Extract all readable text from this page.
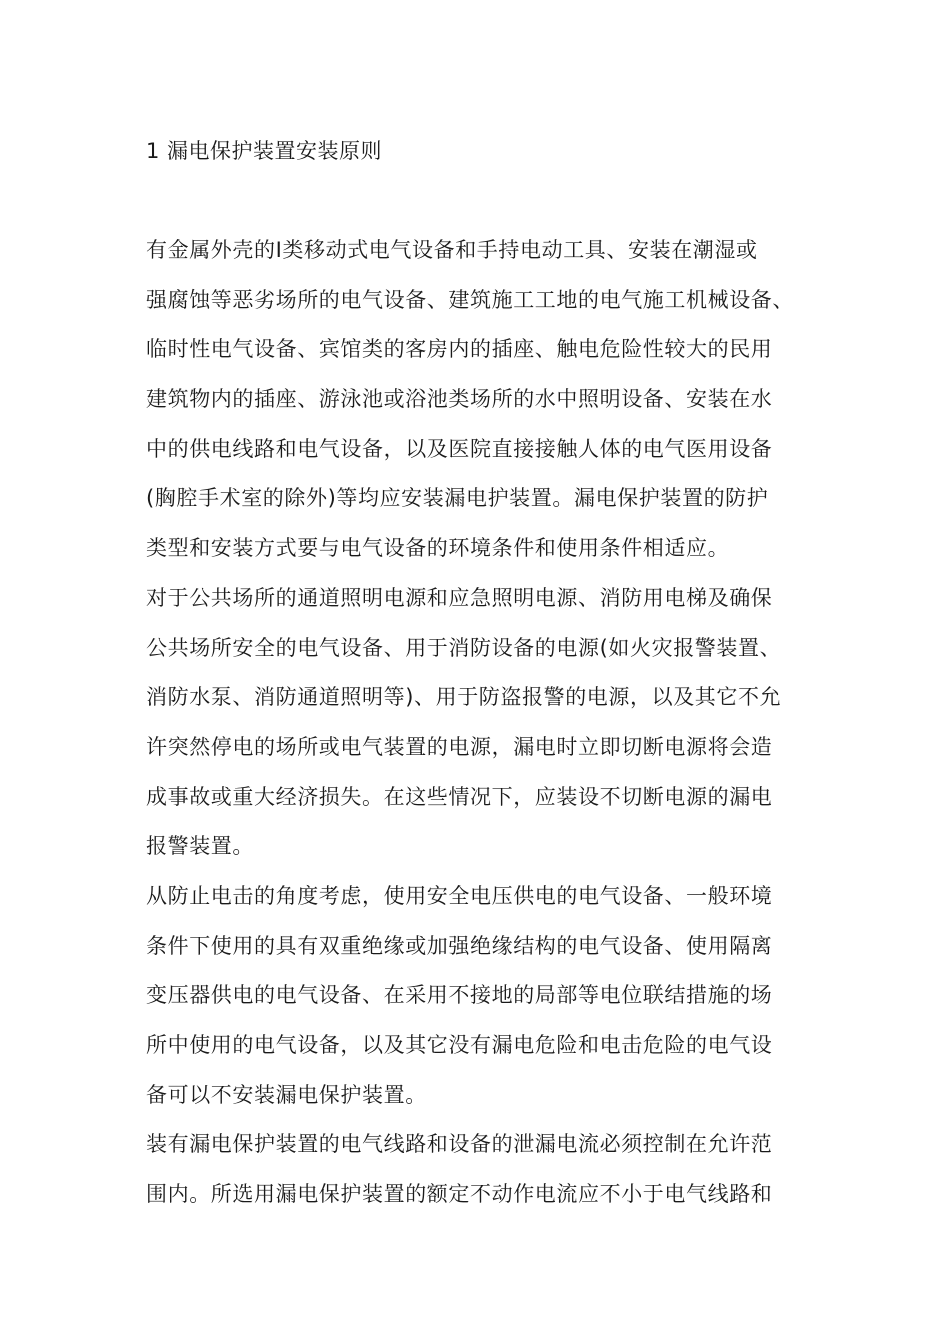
1 漏电保护装置安装原则
有金属外壳的Ⅰ类移动式电气设备和手持电动工具、安装在潮湿或
强腐蚀等恶劣场所的电气设备、建筑施工工地的电气施工机械设备、
临时性电气设备、宾馆类的客房内的插座、触电危险性较大的民用
建筑物内的插座、游泳池或浴池类场所的水中照明设备、安装在水
中的供电线路和电气设备，以及医院直接接触人体的电气医用设备
(胸腔手术室的除外)等均应安装漏电护装置。漏电保护装置的防护
类型和安装方式要与电气设备的环境条件和使用条件相适应。
对于公共场所的通道照明电源和应急照明电源、消防用电梯及确保
公共场所安全的电气设备、用于消防设备的电源(如火灾报警装置、
消防水泵、消防通道照明等)、用于防盗报警的电源，以及其它不允
许突然停电的场所或电气装置的电源，漏电时立即切断电源将会造
成事故或重大经济损失。在这些情况下，应装设不切断电源的漏电
报警装置。
从防止电击的角度考虑，使用安全电压供电的电气设备、一般环境
条件下使用的具有双重绝缘或加强绝缘结构的电气设备、使用隔离
变压器供电的电气设备、在采用不接地的局部等电位联结措施的场
所中使用的电气设备，以及其它没有漏电危险和电击危险的电气设
备可以不安装漏电保护装置。
装有漏电保护装置的电气线路和设备的泄漏电流必须控制在允许范
围内。所选用漏电保护装置的额定不动作电流应不小于电气线路和
